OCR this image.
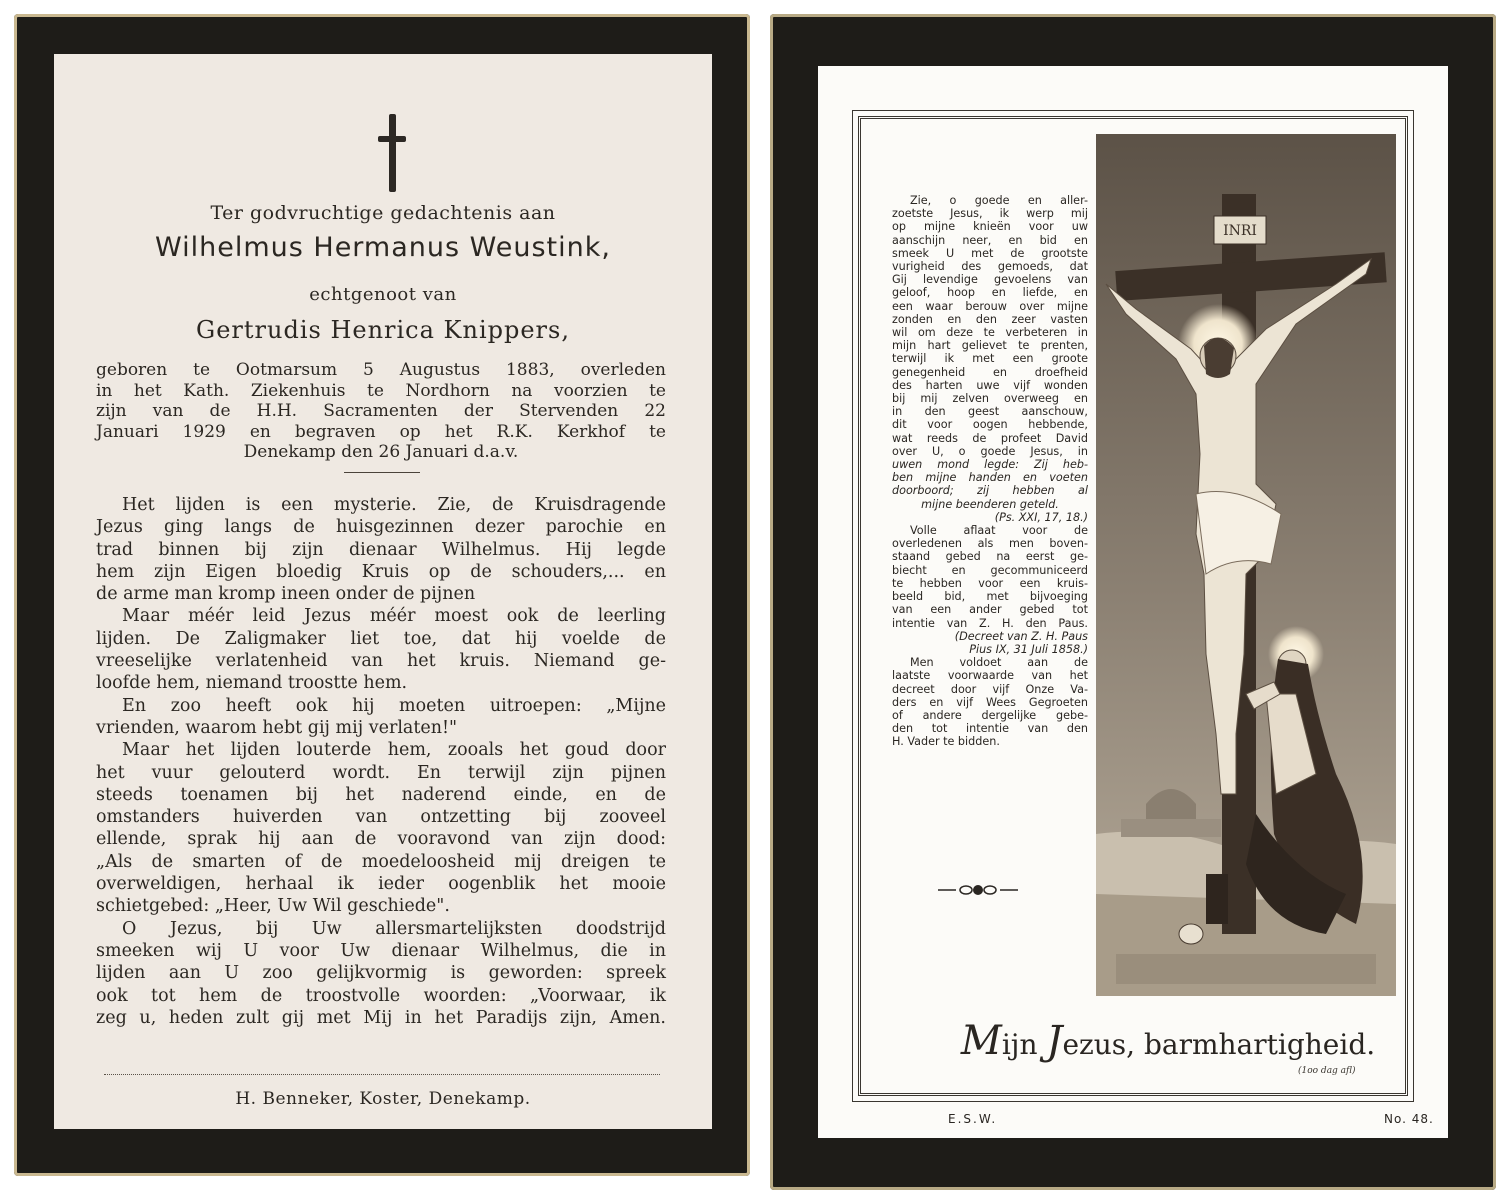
Ter godvruchtige gedachtenis aan
Wilhelmus Hermanus Weustink,
echtgenoot van
Gertrudis Henrica Knippers,
geboren te Ootmarsum 5 Augustus 1883, overleden
in het Kath. Ziekenhuis te Nordhorn na voorzien te
zijn van de H.H. Sacramenten der Stervenden 22
Januari 1929 en begraven op het R.K. Kerkhof te
Denekamp den 26 Januari d.a.v.
Het lijden is een mysterie. Zie, de Kruisdragende
Jezus ging langs de huisgezinnen dezer parochie en
trad binnen bij zijn dienaar Wilhelmus. Hij legde
hem zijn Eigen bloedig Kruis op de schouders,... en
de arme man kromp ineen onder de pijnen
Maar méér leid Jezus méér moest ook de leerling
lijden. De Zaligmaker liet toe, dat hij voelde de
vreeselijke verlatenheid van het kruis. Niemand ge-
loofde hem, niemand troostte hem.
En zoo heeft ook hij moeten uitroepen: „Mijne
vrienden, waarom hebt gij mij verlaten!"
Maar het lijden louterde hem, zooals het goud door
het vuur gelouterd wordt. En terwijl zijn pijnen
steeds toenamen bij het naderend einde, en de
omstanders huiverden van ontzetting bij zooveel
ellende, sprak hij aan de vooravond van zijn dood:
„Als de smarten of de moedeloosheid mij dreigen te
overweldigen, herhaal ik ieder oogenblik het mooie
schietgebed: „Heer, Uw Wil geschiede".
O Jezus, bij Uw allersmartelijksten doodstrijd
smeeken wij U voor Uw dienaar Wilhelmus, die in
lijden aan U zoo gelijkvormig is geworden: spreek
ook tot hem de troostvolle woorden: „Voorwaar, ik
zeg u, heden zult gij met Mij in het Paradijs zijn, Amen.
H. Benneker, Koster, Denekamp.
Zie, o goede en aller-
zoetste Jesus, ik werp mij
op mijne knieën voor uw
aanschijn neer, en bid en
smeek U met de grootste
vurigheid des gemoeds, dat
Gij levendige gevoelens van
geloof, hoop en liefde, en
een waar berouw over mijne
zonden en den zeer vasten
wil om deze te verbeteren in
mijn hart gelievet te prenten,
terwijl ik met een groote
genegenheid en droefheid
des harten uwe vijf wonden
bij mij zelven overweeg en
in den geest aanschouw,
dit voor oogen hebbende,
wat reeds de profeet David
over U, o goede Jesus, in
uwen mond legde: Zij heb-
ben mijne handen en voeten
doorboord; zij hebben al
mijne beenderen geteld.
(Ps. XXI, 17, 18.)
Volle aflaat voor de
overledenen als men boven-
staand gebed na eerst ge-
biecht en gecommuniceerd
te hebben voor een kruis-
beeld bid, met bijvoeging
van een ander gebed tot
intentie van Z. H. den Paus.
(Decreet van Z. H. Paus
Pius IX, 31 Juli 1858.)
Men voldoet aan de
laatste voorwaarde van het
decreet door vijf Onze Va-
ders en vijf Wees Gegroeten
of andere dergelijke gebe-
den tot intentie van den
H. Vader te bidden.
INRI
Mijn Jezus, barmhartigheid.
(1oo dag afl)
E.S.W.	No. 48.
